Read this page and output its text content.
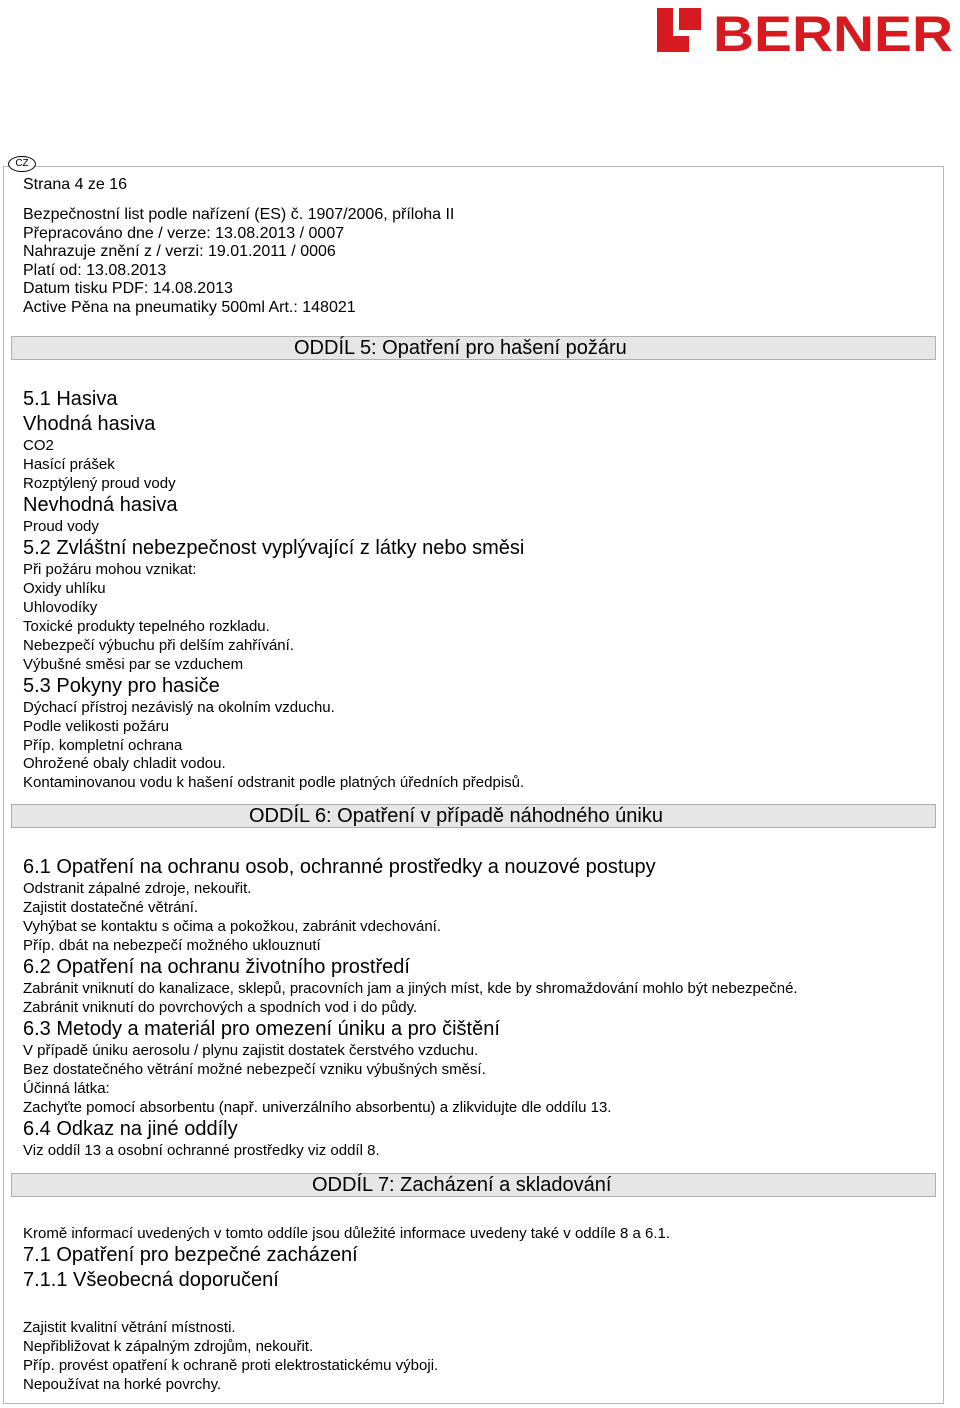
BERNER
CZ
Strana 4 ze 16
Bezpečnostní list podle nařízení (ES) č. 1907/2006, příloha II
Přepracováno dne / verze: 13.08.2013 / 0007
Nahrazuje znění z / verzi: 19.01.2011 / 0006
Platí od: 13.08.2013
Datum tisku PDF: 14.08.2013
Active Pěna na pneumatiky 500ml Art.: 148021
ODDÍL 5: Opatření pro hašení požáru
5.1 Hasiva
Vhodná hasiva
CO2
Hasící prášek
Rozptýlený proud vody
Nevhodná hasiva
Proud vody
5.2 Zvláštní nebezpečnost vyplývající z látky nebo směsi
Při požáru mohou vznikat:
Oxidy uhlíku
Uhlovodíky
Toxické produkty tepelného rozkladu.
Nebezpečí výbuchu při delším zahřívání.
Výbušné směsi par se vzduchem
5.3 Pokyny pro hasiče
Dýchací přístroj nezávislý na okolním vzduchu.
Podle velikosti požáru
Příp. kompletní ochrana
Ohrožené obaly chladit vodou.
Kontaminovanou vodu k hašení odstranit podle platných úředních předpisů.
ODDÍL 6: Opatření v případě náhodného úniku
6.1 Opatření na ochranu osob, ochranné prostředky a nouzové postupy
Odstranit zápalné zdroje, nekouřit.
Zajistit dostatečné větrání.
Vyhýbat se kontaktu s očima a pokožkou, zabránit vdechování.
Příp. dbát na nebezpečí možného uklouznutí
6.2 Opatření na ochranu životního prostředí
Zabránit vniknutí do kanalizace, sklepů, pracovních jam a jiných míst, kde by shromaždování mohlo být nebezpečné.
Zabránit vniknutí do povrchových a spodních vod i do půdy.
6.3 Metody a materiál pro omezení úniku a pro čištění
V případě úniku aerosolu / plynu zajistit dostatek čerstvého vzduchu.
Bez dostatečného větrání možné nebezpečí vzniku výbušných směsí.
Účinná látka:
Zachyťte pomocí absorbentu (např. univerzálního absorbentu) a zlikvidujte dle oddílu 13.
6.4 Odkaz na jiné oddíly
Viz oddíl 13 a osobní ochranné prostředky viz oddíl 8.
ODDÍL 7: Zacházení a skladování
Kromě informací uvedených v tomto oddíle jsou důležité informace uvedeny také v oddíle 8 a 6.1.
7.1 Opatření pro bezpečné zacházení
7.1.1 Všeobecná doporučení
Zajistit kvalitní větrání místnosti.
Nepřibližovat k zápalným zdrojům, nekouřit.
Příp. provést opatření k ochraně proti elektrostatickému výboji.
Nepoužívat na horké povrchy.
